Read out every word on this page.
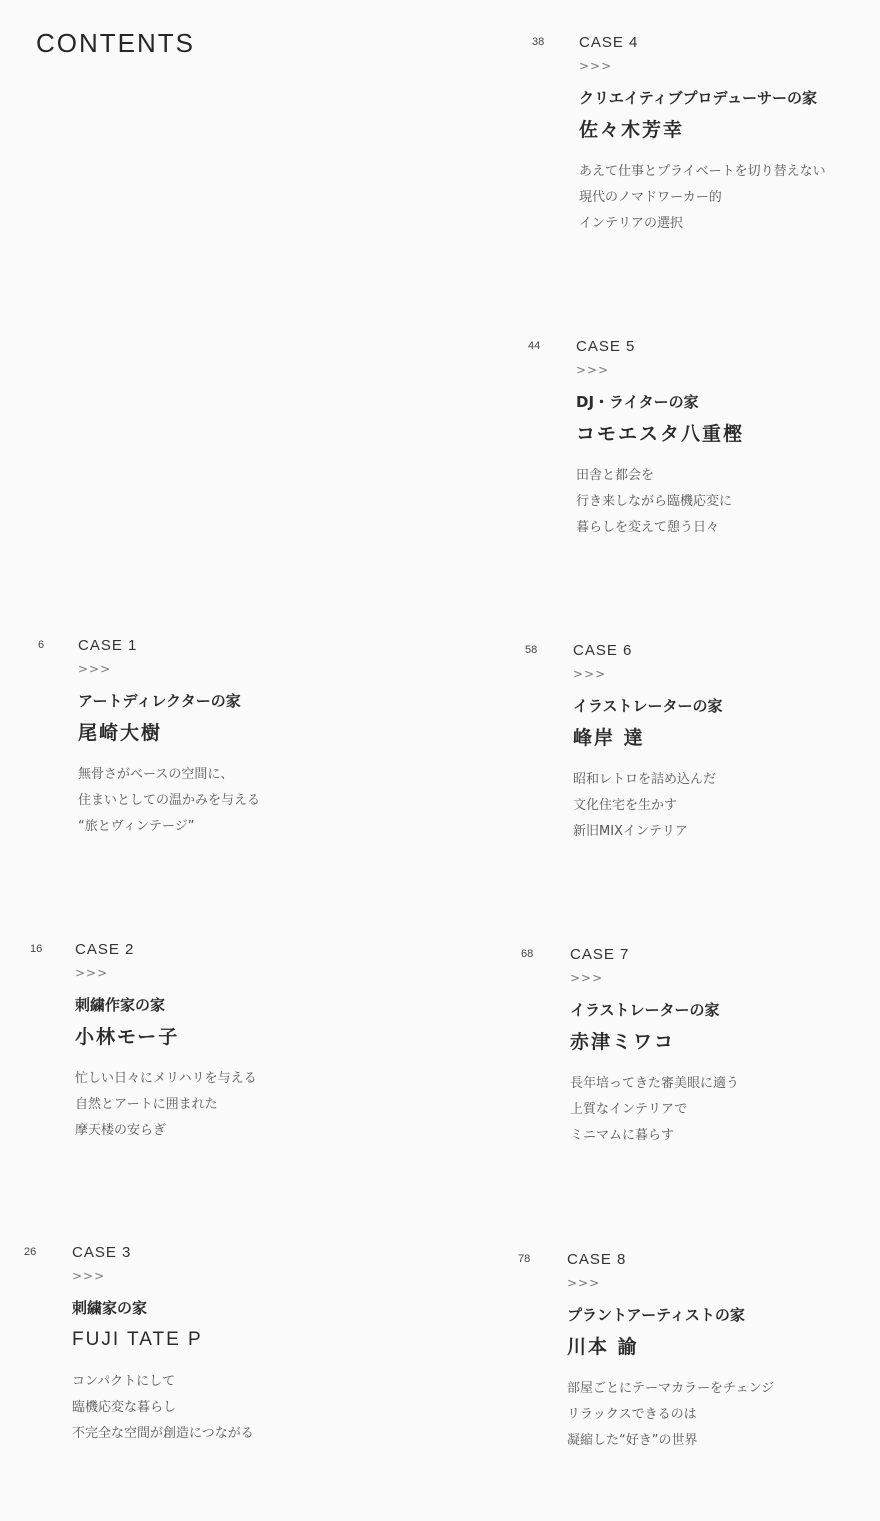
CONTENTS
6 CASE 1
>>>
アートディレクターの家
尾崎大樹
無骨さがベースの空間に、
住まいとしての温かみを与える
“旅とヴィンテージ”
16 CASE 2
>>>
刺繍作家の家
小林モー子
忙しい日々にメリハリを与える
自然とアートに囲まれた
摩天楼の安らぎ
26 CASE 3
>>>
刺繍家の家
FUJI TATE P
コンパクトにして
臨機応変な暮らし
不完全な空間が創造につながる
38 CASE 4
>>>
クリエイティブプロデューサーの家
佐々木芳幸
あえて仕事とプライベートを切り替えない
現代のノマドワーカー的
インテリアの選択
44 CASE 5
>>>
DJ・ライターの家
コモエスタ八重樫
田舎と都会を
行き来しながら臨機応変に
暮らしを変えて憩う日々
58 CASE 6
>>>
イラストレーターの家
峰岸 達
昭和レトロを詰め込んだ
文化住宅を生かす
新旧MIXインテリア
68 CASE 7
>>>
イラストレーターの家
赤津ミワコ
長年培ってきた審美眼に適う
上質なインテリアで
ミニマムに暮らす
78 CASE 8
>>>
プラントアーティストの家
川本 諭
部屋ごとにテーマカラーをチェンジ
リラックスできるのは
凝縮した“好き”の世界
